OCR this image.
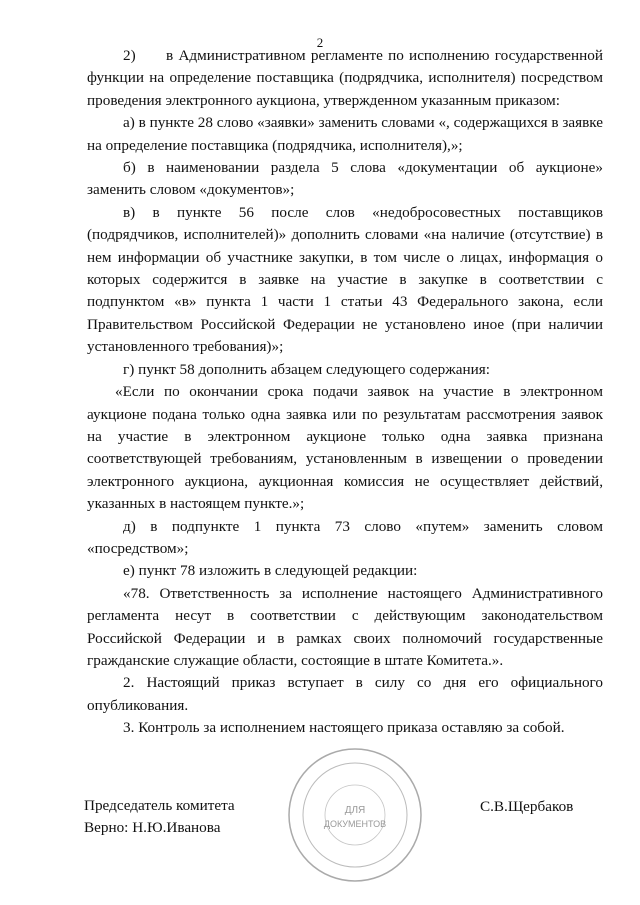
2

2)  в Административном регламенте по исполнению государственной функции на определение поставщика (подрядчика, исполнителя) посредством проведения электронного аукциона, утвержденном указанным приказом:

а) в пункте 28 слово «заявки» заменить словами «, содержащихся в заявке на определение поставщика (подрядчика, исполнителя),»;

б) в наименовании раздела 5 слова «документации об аукционе» заменить словом «документов»;

в) в пункте 56 после слов «недобросовестных поставщиков (подрядчиков, исполнителей)» дополнить словами «на наличие (отсутствие) в нем информации об участнике закупки, в том числе о лицах, информация о которых содержится в заявке на участие в закупке в соответствии с подпунктом «в» пункта 1 части 1 статьи 43 Федерального закона, если Правительством Российской Федерации не установлено иное (при наличии установленного требования)»;

г) пункт 58 дополнить абзацем следующего содержания:

«Если по окончании срока подачи заявок на участие в электронном аукционе подана только одна заявка или по результатам рассмотрения заявок на участие в электронном аукционе только одна заявка признана соответствующей требованиям, установленным в извещении о проведении электронного аукциона, аукционная комиссия не осуществляет действий, указанных в настоящем пункте.»;

д) в подпункте 1 пункта 73 слово «путем» заменить словом «посредством»;

е) пункт 78 изложить в следующей редакции:

«78. Ответственность за исполнение настоящего Административного регламента несут в соответствии с действующим законодательством Российской Федерации и в рамках своих полномочий государственные гражданские служащие области, состоящие в штате Комитета.».

2. Настоящий приказ вступает в силу со дня его официального опубликования.

3. Контроль за исполнением настоящего приказа оставляю за собой.

ДЛЯ
ДОКУМЕНТОВ
Председатель комитета
Верно: Н.Ю.Иванова
С.В.Щербаков
